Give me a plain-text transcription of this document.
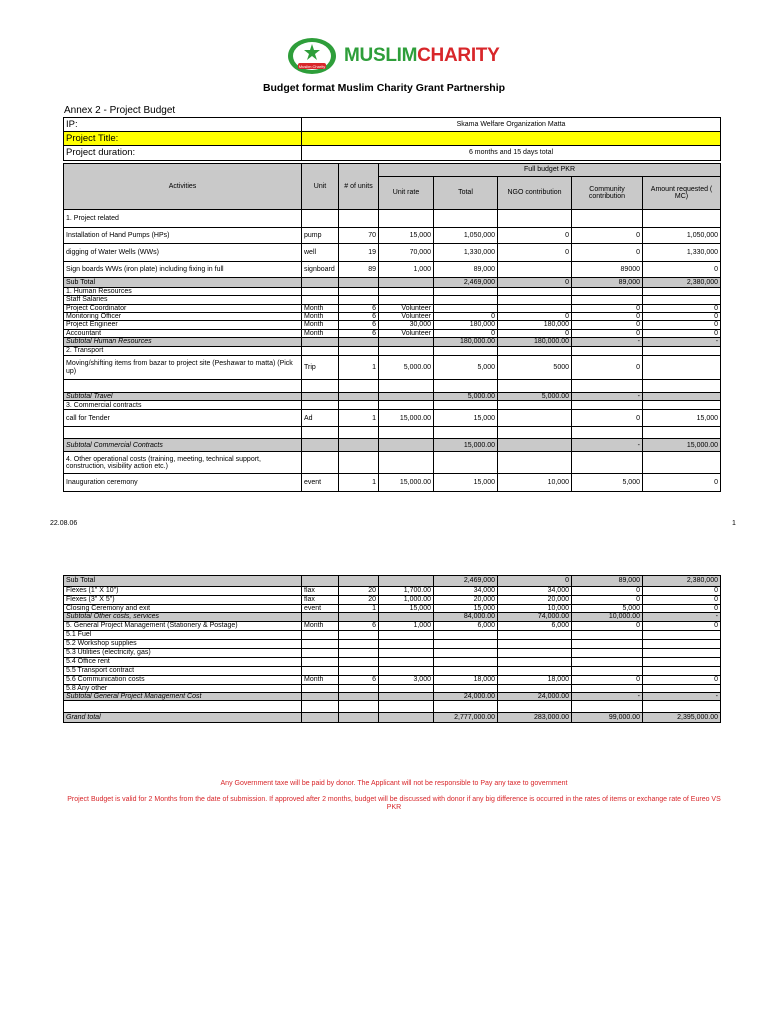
Muslim Charity
MUSLIMCHARITY
Budget format Muslim Charity Grant Partnership
Annex 2 - Project Budget
IP:	Skama Welfare Organization Matta
Project Title:	
Project duration:	6 months and 15 days total
Activities	Unit	# of units	Full budget PKR				
			Unit rate	Total	NGO contribution	Community contribution	Amount requested ( MC)
1. Project related							
Installation of Hand Pumps (HPs)	pump	70	15,000	1,050,000	0	0	1,050,000
digging of Water Wells (WWs)	well	19	70,000	1,330,000	0	0	1,330,000
Sign boards WWs (iron plate) including fixing in full	signboard	89	1,000	89,000		89000	0
Sub Total				2,469,000	0	89,000	2,380,000
1. Human Resources							
Staff Salaries							
Project Coordinator	Month	6	Volunteer			0	0
Monitoring Officer	Month	6	Volunteer	0	0	0	0
Project Engineer	Month	6	30,000	180,000	180,000	0	0
Accountant	Month	6	Volunteer	0	0	0	0
Subtotal Human Resources				180,000.00	180,000.00	-	-
2. Transport							
Moving/shifting items from bazar to project site (Peshawar to matta) (Pick up)	Trip	1	5,000.00	5,000	5000	0	

Subtotal Travel				5,000.00	5,000.00	-	
3. Commercial contracts							
call for Tender	Ad	1	15,000.00	15,000		0	15,000

Subtotal Commercial Contracts				15,000.00		-	15,000.00
4. Other operational costs (training, meeting, technical support, construction, visibility action etc.)							
Inauguration ceremony	event	1	15,000.00	15,000	10,000	5,000	0
22.08.06	1
Sub Total				2,469,000	0	89,000	2,380,000
Flexes (1" X 10")	flax	20	1,700.00	34,000	34,000	0	0
Flexes (3" X 5")	flax	20	1,000.00	20,000	20,000	0	0
Closing Ceremony and exit	event	1	15,000	15,000	10,000	5,000	0
Subtotal Other costs, services				84,000.00	74,000.00	10,000.00	-
5. General Project Management (Stationery & Postage)	Month	6	1,000	6,000	6,000	0	0
5.1 Fuel							
5.2 Workshop supplies							
5.3 Utilities (electricity, gas)							
5.4 Office rent							
5.5 Transport contract							
5.6 Communication costs	Month	6	3,000	18,000	18,000	0	0
5.8 Any other							
Subtotal General Project Management Cost				24,000.00	24,000.00	-	-

Grand total				2,777,000.00	283,000.00	99,000.00	2,395,000.00
Any Government taxe will be paid by donor. The Applicant will not be responsible to Pay any taxe to government
Project Budget is valid for 2 Months from the date of submission. If approved after 2 months, budget will be discussed with donor if any big difference is occurred in the rates of items or exchange rate of Eureo VS PKR
